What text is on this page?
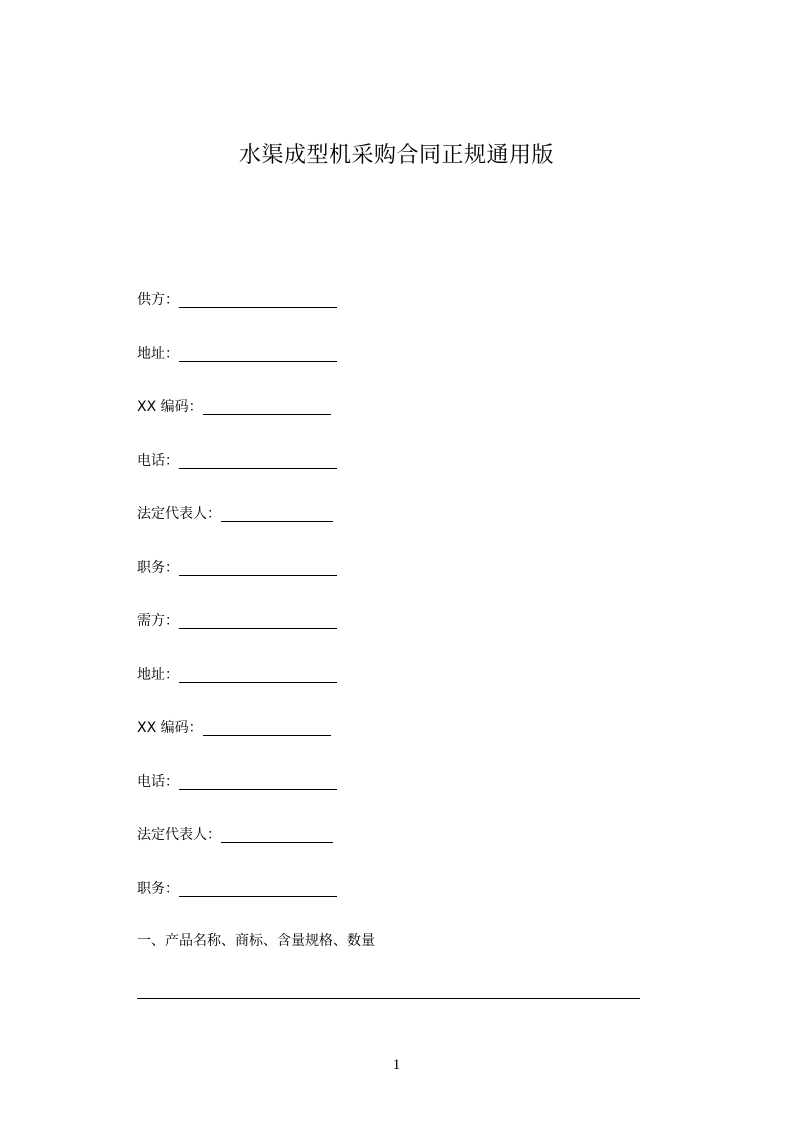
水渠成型机采购合同正规通用版
供方：
地址：
XX 编码：
电话：
法定代表人：
职务：
需方：
地址：
XX 编码：
电话：
法定代表人：
职务：
一、产品名称、商标、含量规格、数量
1
